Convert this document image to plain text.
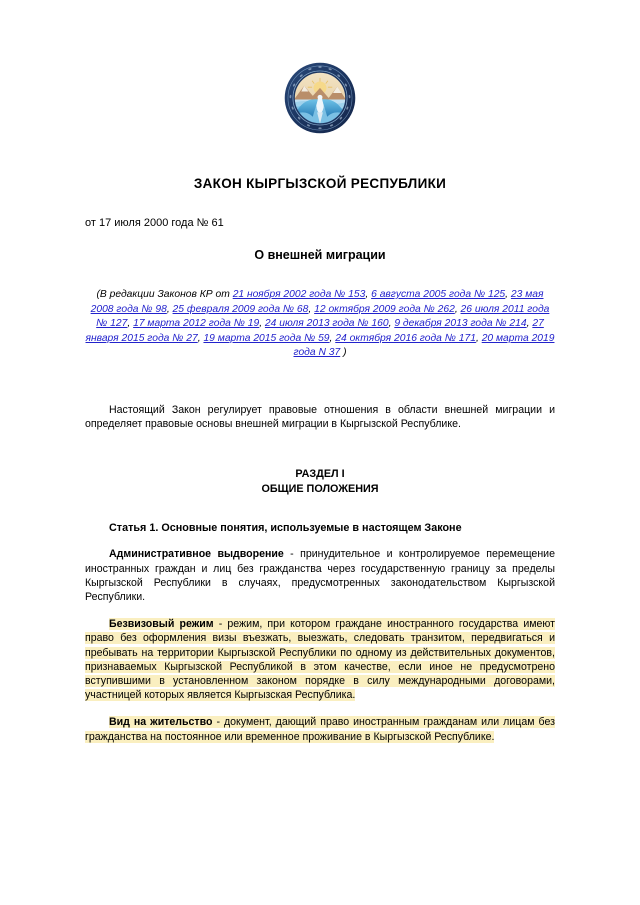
ЗАКОН КЫРГЫЗСКОЙ РЕСПУБЛИКИ
от 17 июля 2000 года № 61
О внешней миграции
(В редакции Законов КР от 21 ноября 2002 года № 153, 6 августа 2005 года № 125, 23 мая 2008 года № 98, 25 февраля 2009 года № 68, 12 октября 2009 года № 262, 26 июля 2011 года № 127, 17 марта 2012 года № 19, 24 июля 2013 года № 160, 9 декабря 2013 года № 214, 27 января 2015 года № 27, 19 марта 2015 года № 59, 24 октября 2016 года № 171, 20 марта 2019 года N 37 )

Настоящий Закон регулирует правовые отношения в области внешней миграции и определяет правовые основы внешней миграции в Кыргызской Республике.

РАЗДЕЛ I
ОБЩИЕ ПОЛОЖЕНИЯ
Статья 1. Основные понятия, используемые в настоящем Законе

Административное выдворение - принудительное и контролируемое перемещение иностранных граждан и лиц без гражданства через государственную границу за пределы Кыргызской Республики в случаях, предусмотренных законодательством Кыргызской Республики.

Безвизовый режим - режим, при котором граждане иностранного государства имеют право без оформления визы въезжать, выезжать, следовать транзитом, передвигаться и пребывать на территории Кыргызской Республики по одному из действительных документов, признаваемых Кыргызской Республикой в этом качестве, если иное не предусмотрено вступившими в установленном законом порядке в силу международными договорами, участницей которых является Кыргызская Республика.

Вид на жительство - документ, дающий право иностранным гражданам или лицам без гражданства на постоянное или временное проживание в Кыргызской Республике.
